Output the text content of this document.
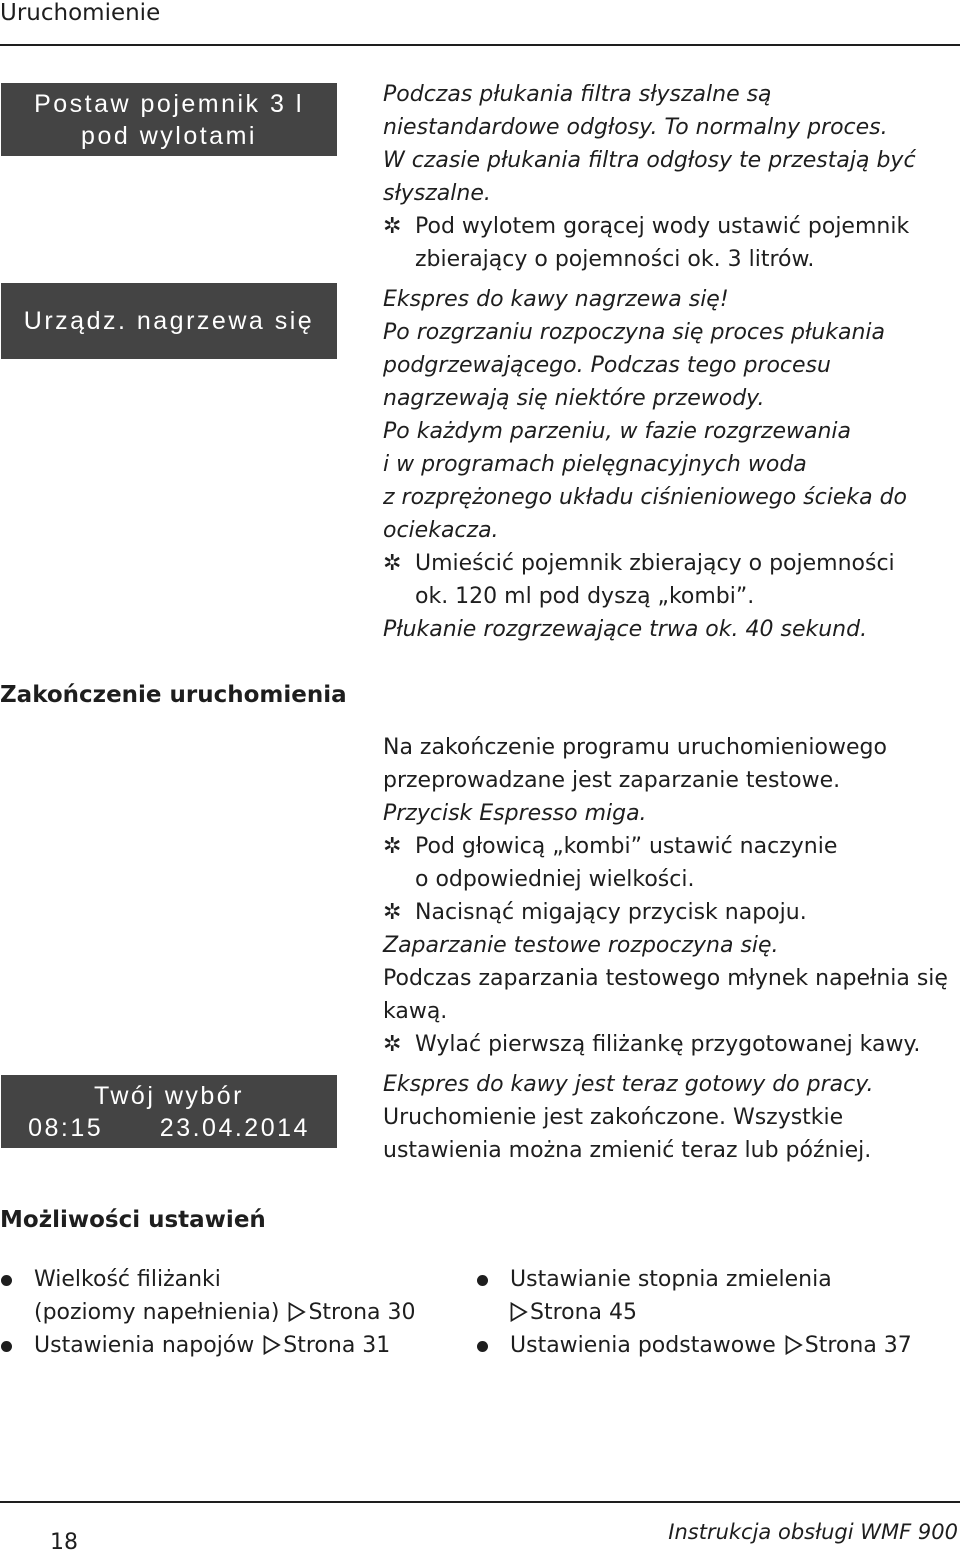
Uruchomienie
Postaw pojemnik 3 l
pod wylotami
Urządz. nagrzewa się
Twój wybór
08:15      23.04.2014
Podczas płukania filtra słyszalne są
niestandardowe odgłosy. To normalny proces.
W czasie płukania filtra odgłosy te przestają być
słyszalne.
✲ Pod wylotem gorącej wody ustawić pojemnik
zbierający o pojemności ok. 3 litrów.
Ekspres do kawy nagrzewa się!
Po rozgrzaniu rozpoczyna się proces płukania
podgrzewającego. Podczas tego procesu
nagrzewają się niektóre przewody.
Po każdym parzeniu, w fazie rozgrzewania
i w programach pielęgnacyjnych woda
z rozprężonego układu ciśnieniowego ścieka do
ociekacza.
✲ Umieścić pojemnik zbierający o pojemności
ok. 120 ml pod dyszą „kombi”.
Płukanie rozgrzewające trwa ok. 40 sekund.
Zakończenie uruchomienia
Na zakończenie programu uruchomieniowego
przeprowadzane jest zaparzanie testowe.
Przycisk Espresso miga.
✲ Pod głowicą „kombi” ustawić naczynie
o odpowiedniej wielkości.
✲ Nacisnąć migający przycisk napoju.
Zaparzanie testowe rozpoczyna się.
Podczas zaparzania testowego młynek napełnia się
kawą.
✲ Wylać pierwszą filiżankę przygotowanej kawy.
Ekspres do kawy jest teraz gotowy do pracy.
Uruchomienie jest zakończone. Wszystkie
ustawienia można zmienić teraz lub później.
Możliwości ustawień
Wielkość filiżanki
(poziomy napełnienia)
Strona 30
Ustawienia napojów
Strona 31
Ustawianie stopnia zmielenia
Strona 45
Ustawienia podstawowe
Strona 37
18	Instrukcja obsługi WMF 900
